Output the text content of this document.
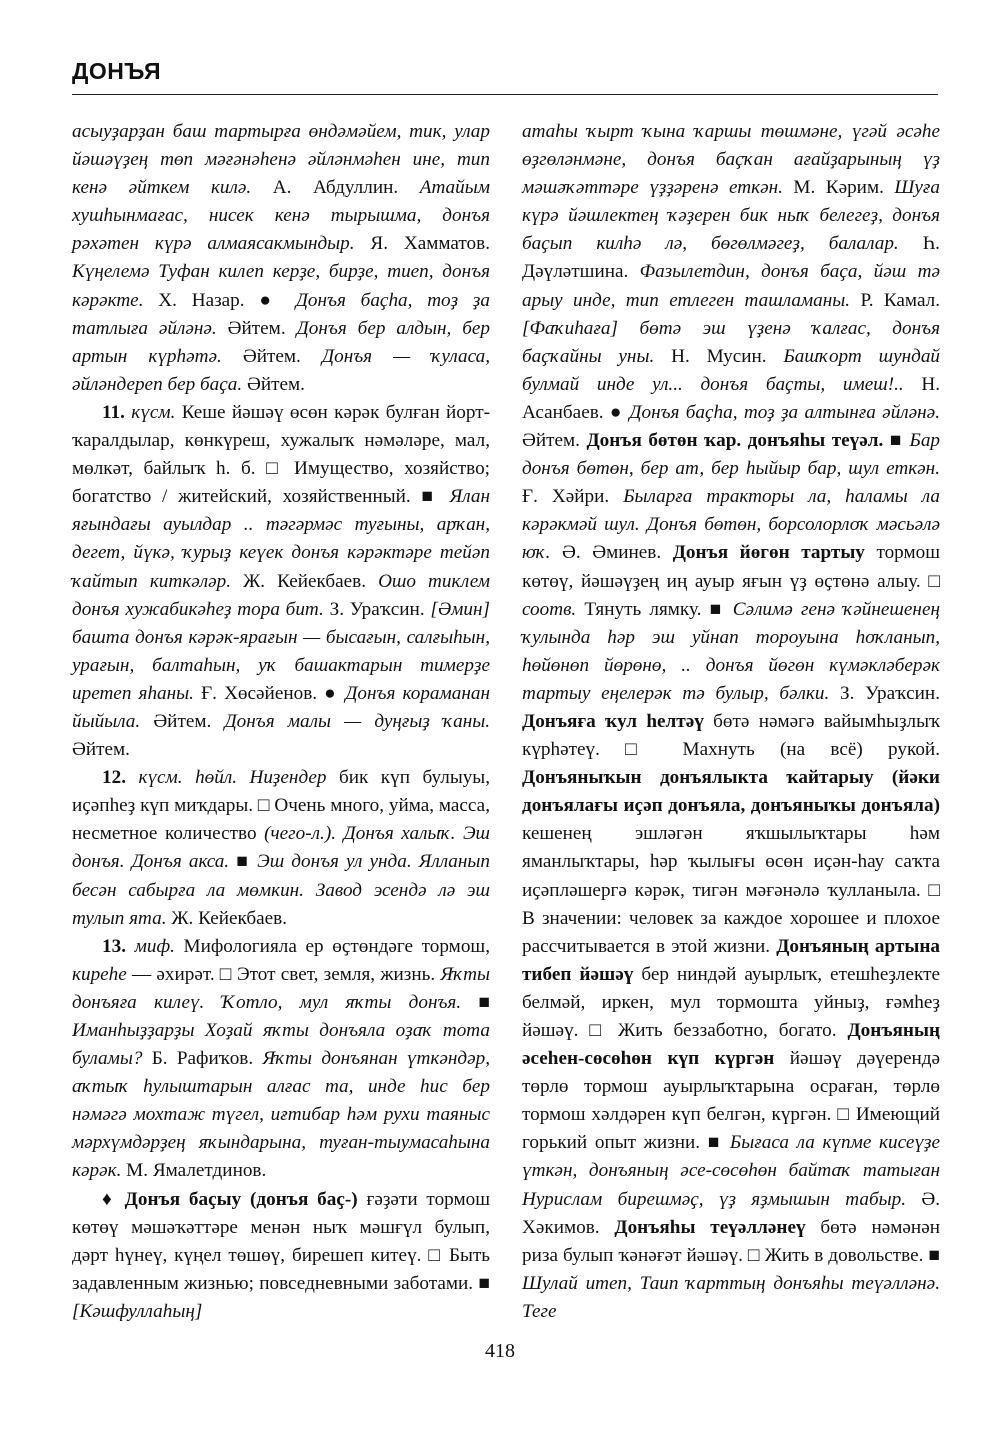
ДОНЪЯ

асыуҙарҙан баш тартырға өндәмәйем, тик, улар йәшәүҙең төп мәғәнәһенә әйләнмәһен ине, тип кенә әйткем килә. А. Абдуллин. Атайым хушһынмағас, нисек кенә тырышма, донъя рәхәтен күрә алмаясакмындыр. Я. Хамматов. Күңелемә Туфан килеп керҙе, бирҙе, тиеп, донъя кәрәкте. Х. Назар. ● Донъя баҫһа, тоҙ ҙа татлыға әйләнә. Әйтем. Донъя бер алдын, бер артын күрһәтә. Әйтем. Донъя — ҡуласа, әйләндереп бер баҫа. Әйтем.

11. күсм. Кеше йәшәү өсөн кәрәк булған йорт-ҡаралдылар, көнкүреш, хужалыҡ нәмәләре, мал, мөлкәт, байлыҡ һ. б. □ Имущество, хозяйство; богатство / житейский, хозяйственный. ■ Ялан яғындағы ауылдар .. тәгәрмәс туғыны, арҡан, дегет, йүкә, ҡурыҙ кеүек донъя кәрәктәре тейәп ҡайтып киткәләр. Ж. Кейекбаев. Ошо тиклем донъя хужабикәһеҙ тора бит. З. Ураҡсин. [Әмин] башта донъя кәрәк-ярағын — бысағын, салғыһын, урағын, балтаһын, уҡ башактарын тимерҙе иретеп яһаны. Ғ. Хөсәйенов. ● Донъя кораманан йыйыла. Әйтем. Донъя малы — дуңғыҙ ҡаны. Әйтем.

12. күсм. һөйл. Ниҙендер бик күп булыуы, иҫәпһеҙ күп миҡдары. □ Очень много, уйма, масса, несметное количество (чего-л.). Донъя халыҡ. Эш донъя. Донъя акса. ■ Эш донъя ул унда. Ялланып бесән сабырға ла мөмкин. Завод эсендә лә эш тулып ята. Ж. Кейекбаев.

13. миф. Мифологияла ер өҫтөндәге тормош, киреһе — әхирәт. □ Этот свет, земля, жизнь. Яҡты донъяға килеү. Ҡотло, мул яҡты донъя. ■ Иманһыҙҙарҙы Хоҙай яҡты донъяла оҙаҡ тота буламы? Б. Рафиҡов. Яҡты донъянан үткәндәр, аҡтыҡ һулыштарын алғас та, инде һис бер нәмәгә мохтаж түгел, иғтибар һәм рухи таяныс мәрхүмдәрҙең яҡындарына, туған-тыумасаһына кәрәк. М. Ямалетдинов.

♦ Донъя баҫыу (донъя баҫ-) ғәҙәти тормош көтөү мәшәҡәттәре менән ныҡ мәшғүл булып, дәрт һүнеү, күңел төшөү, бирешеп китеү. □ Быть задавленным жизнью; повседневными заботами. ■ [Кәшфуллаһың]

атаһы ҡырт ҡына ҡаршы төшмәне, үгәй әсәһе өҙгөләнмәне, донъя баҫҡан ағайҙарының үҙ мәшәҡәттәре үҙҙәренә еткән. М. Кәрим. Шуға күрә йәшлектең ҡәҙерен бик ныҡ белегеҙ, донъя баҫып килһә лә, бөгөлмәгеҙ, балалар. Һ. Дәүләтшина. Фазылетдин, донъя баҫа, йәш тә арыу инде, тип етлеген ташламаны. Р. Камал. [Фаҡиһаға] бөтә эш үҙенә ҡалғас, донъя баҫҡайны уны. Н. Мусин. Башҡорт шундай булмай инде ул... донъя баҫты, имеш!.. Н. Асанбаев. ● Донъя баҫһа, тоҙ ҙа алтынға әйләнә. Әйтем. Донъя бөтөн ҡар. донъяһы теүәл. ■ Бар донъя бөтөн, бер ат, бер һыйыр бар, шул еткән. Ғ. Хәйри. Быларға тракторы ла, һаламы ла кәрәкмәй шул. Донъя бөтөн, борсолорлоҡ мәсьәлә юҡ. Ә. Әминев. Донъя йөгөн тартыу тормош көтөү, йәшәүҙең иң ауыр яғын үҙ өҫтөнә алыу. □ соотв. Тянуть лямку. ■ Сәлимә генә ҡәйнешенең ҡулында һәр эш уйнап тороуына һоҡланып, һөйөнөп йөрөнө, .. донъя йөгөн күмәкләберәк тартыу еңелерәк тә булыр, бәлки. З. Ураҡсин. Донъяға ҡул һелтәү бөтә нәмәгә вайымһыҙлыҡ күрһәтеү. □ Махнуть (на всё) рукой. Донъяныҡын донъялыкта ҡайтарыу (йәки донъялағы иҫәп донъяла, донъяныҡы донъяла) кешенең эшләгән яҡшылыҡтары һәм яманлыҡтары, һәр ҡылығы өсөн иҫән-һау саҡта иҫәпләшергә кәрәк, тигән мәғәнәлә ҡулланыла. □ В значении: человек за каждое хорошее и плохое рассчитывается в этой жизни. Донъяның артына тибеп йәшәү бер ниндәй ауырлыҡ, етешһеҙлекте белмәй, иркен, мул тормошта уйныҙ, ғәмһеҙ йәшәү. □ Жить беззаботно, богато. Донъяның әсеһен-сөсөһөн күп күргән йәшәү дәүерендә төрлө тормош ауырлыҡтарына осраған, төрлө тормош хәлдәрен күп белгән, күргән. □ Имеющий горький опыт жизни. ■ Бығаса ла күпме кисеүҙе үткән, донъяның әсе-сөсөһөн байтаҡ татыған Нурислам бирешмәҫ, үҙ яҙмышын табыр. Ә. Хәкимов. Донъяһы теүәлләнеү бөтә нәмәнән риза булып ҡәнәғәт йәшәү. □ Жить в довольстве. ■ Шулай итеп, Таип ҡарттың донъяһы теүәлләнә. Теге

418
